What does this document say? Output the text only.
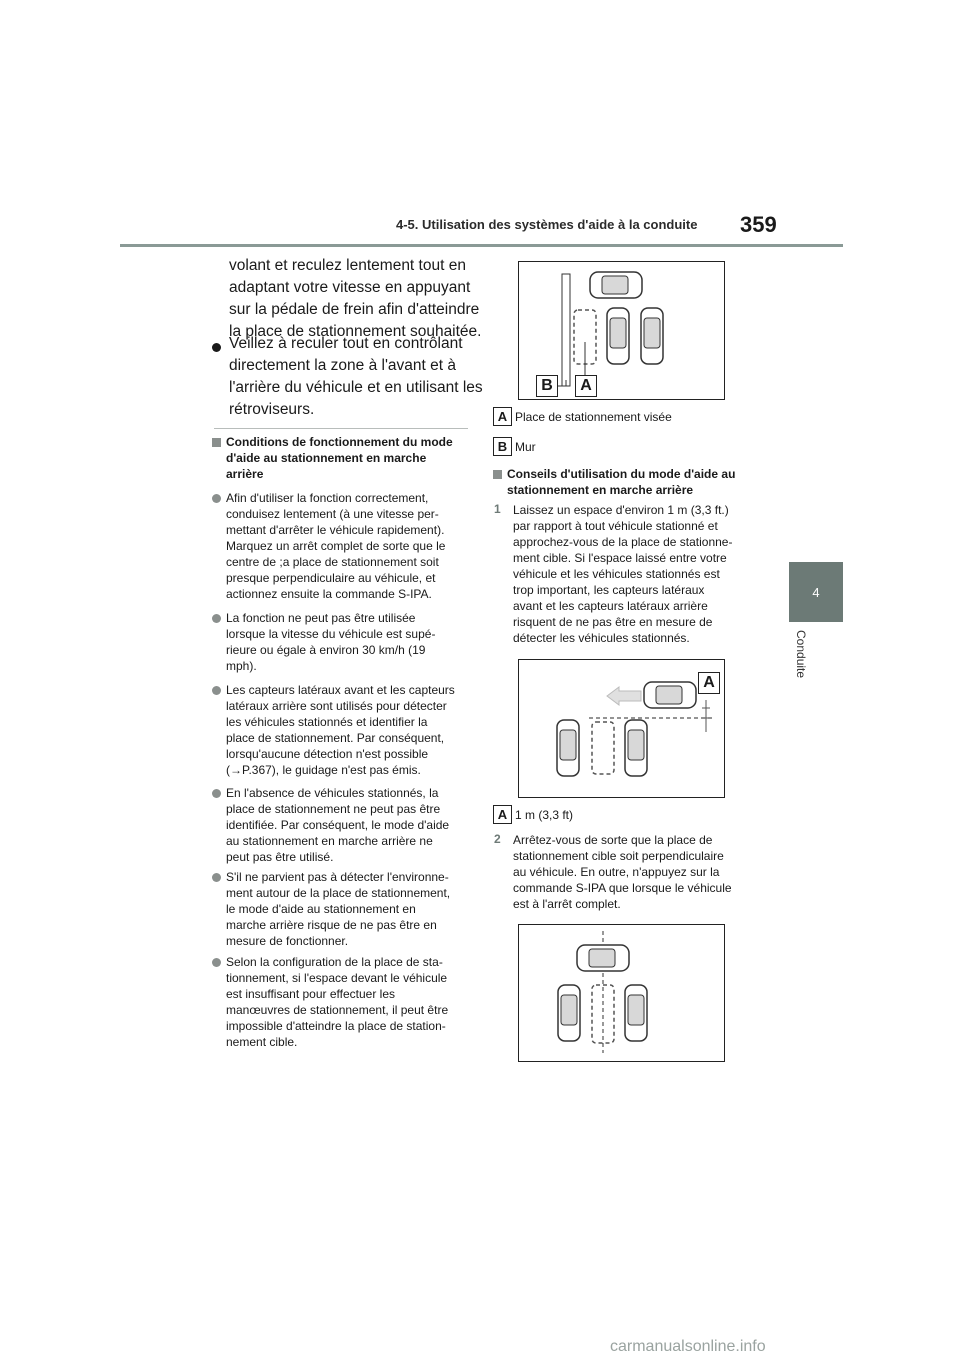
4-5. Utilisation des systèmes d'aide à la conduite 359
4
Conduite
volant et reculez lentement tout en
adaptant votre vitesse en appuyant
sur la pédale de frein afin d'atteindre
la place de stationnement souhaitée.
Veillez à reculer tout en contrôlant
directement la zone à l'avant et à
l'arrière du véhicule et en utilisant les
rétroviseurs.
Conditions de fonctionnement du mode
d'aide au stationnement en marche
arrière
Afin d'utiliser la fonction correctement,
conduisez lentement (à une vitesse per-
mettant d'arrêter le véhicule rapidement).
Marquez un arrêt complet de sorte que le
centre de ;a place de stationnement soit
presque perpendiculaire au véhicule, et
actionnez ensuite la commande S-IPA.
La fonction ne peut pas être utilisée
lorsque la vitesse du véhicule est supé-
rieure ou égale à environ 30 km/h (19
mph).
Les capteurs latéraux avant et les capteurs
latéraux arrière sont utilisés pour détecter
les véhicules stationnés et identifier la
place de stationnement. Par conséquent,
lorsqu'aucune détection n'est possible
(→P.367), le guidage n'est pas émis.
En l'absence de véhicules stationnés, la
place de stationnement ne peut pas être
identifiée. Par conséquent, le mode d'aide
au stationnement en marche arrière ne
peut pas être utilisé.
S'il ne parvient pas à détecter l'environne-
ment autour de la place de stationnement,
le mode d'aide au stationnement en
marche arrière risque de ne pas être en
mesure de fonctionner.
Selon la configuration de la place de sta-
tionnement, si l'espace devant le véhicule
est insuffisant pour effectuer les
manœuvres de stationnement, il peut être
impossible d'atteindre la place de station-
nement cible.
B	A
A Place de stationnement visée
B Mur
Conseils d'utilisation du mode d'aide au
stationnement en marche arrière
1 Laissez un espace d'environ 1 m (3,3 ft.)
par rapport à tout véhicule stationné et
approchez-vous de la place de stationne-
ment cible. Si l'espace laissé entre votre
véhicule et les véhicules stationnés est
trop important, les capteurs latéraux
avant et les capteurs latéraux arrière
risquent de ne pas être en mesure de
détecter les véhicules stationnés.
A
A 1 m (3,3 ft)
2 Arrêtez-vous de sorte que la place de
stationnement cible soit perpendiculaire
au véhicule. En outre, n'appuyez sur la
commande S-IPA que lorsque le véhicule
est à l'arrêt complet.
carmanualsonline.info
